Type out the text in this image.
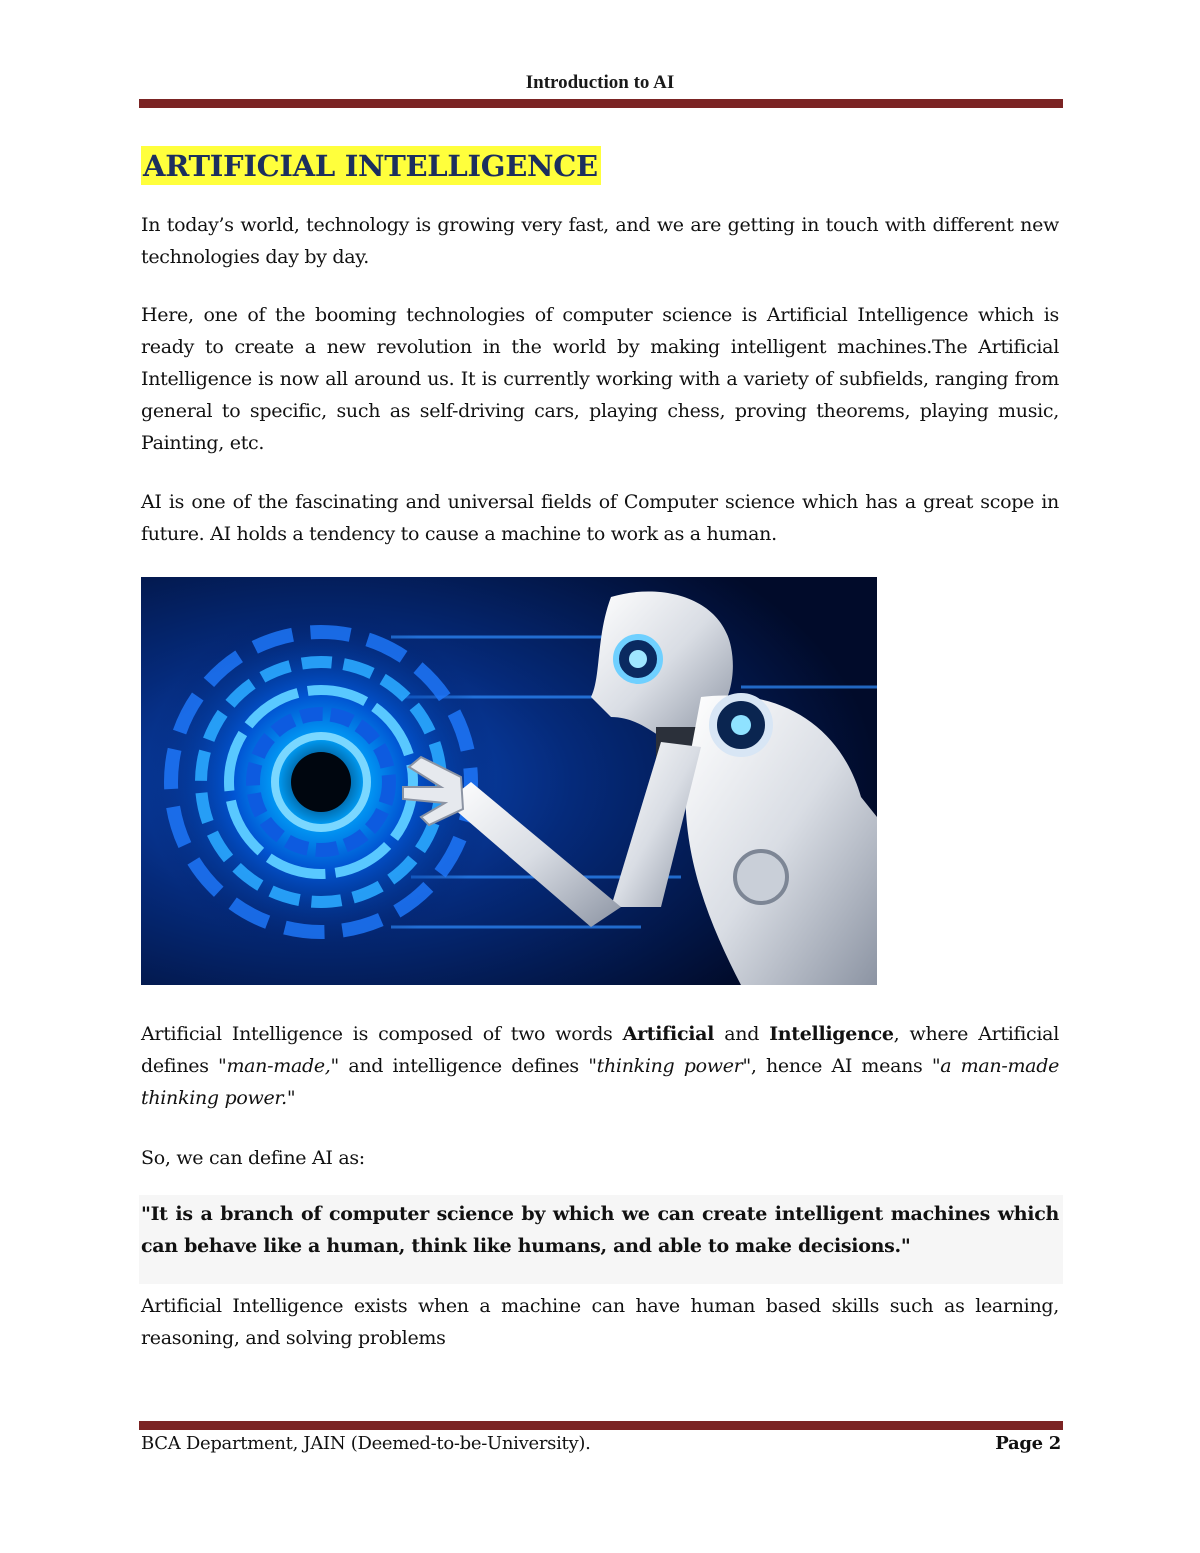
Introduction to AI
ARTIFICIAL INTELLIGENCE

In today’s world, technology is growing very fast, and we are getting in touch with different new technologies day by day.

Here, one of the booming technologies of computer science is Artificial Intelligence which is ready to create a new revolution in the world by making intelligent machines.The Artificial Intelligence is now all around us. It is currently working with a variety of subfields, ranging from general to specific, such as self-driving cars, playing chess, proving theorems, playing music, Painting, etc.

AI is one of the fascinating and universal fields of Computer science which has a great scope in future. AI holds a tendency to cause a machine to work as a human.

Artificial Intelligence is composed of two words Artificial and Intelligence, where Artificial defines "man-made," and intelligence defines "thinking power", hence AI means "a man-made thinking power."

So, we can define AI as:

"It is a branch of computer science by which we can create intelligent machines which can behave like a human, think like humans, and able to make decisions."

Artificial Intelligence exists when a machine can have human based skills such as learning, reasoning, and solving problems

BCA Department, JAIN (Deemed-to-be-University).	Page 2
